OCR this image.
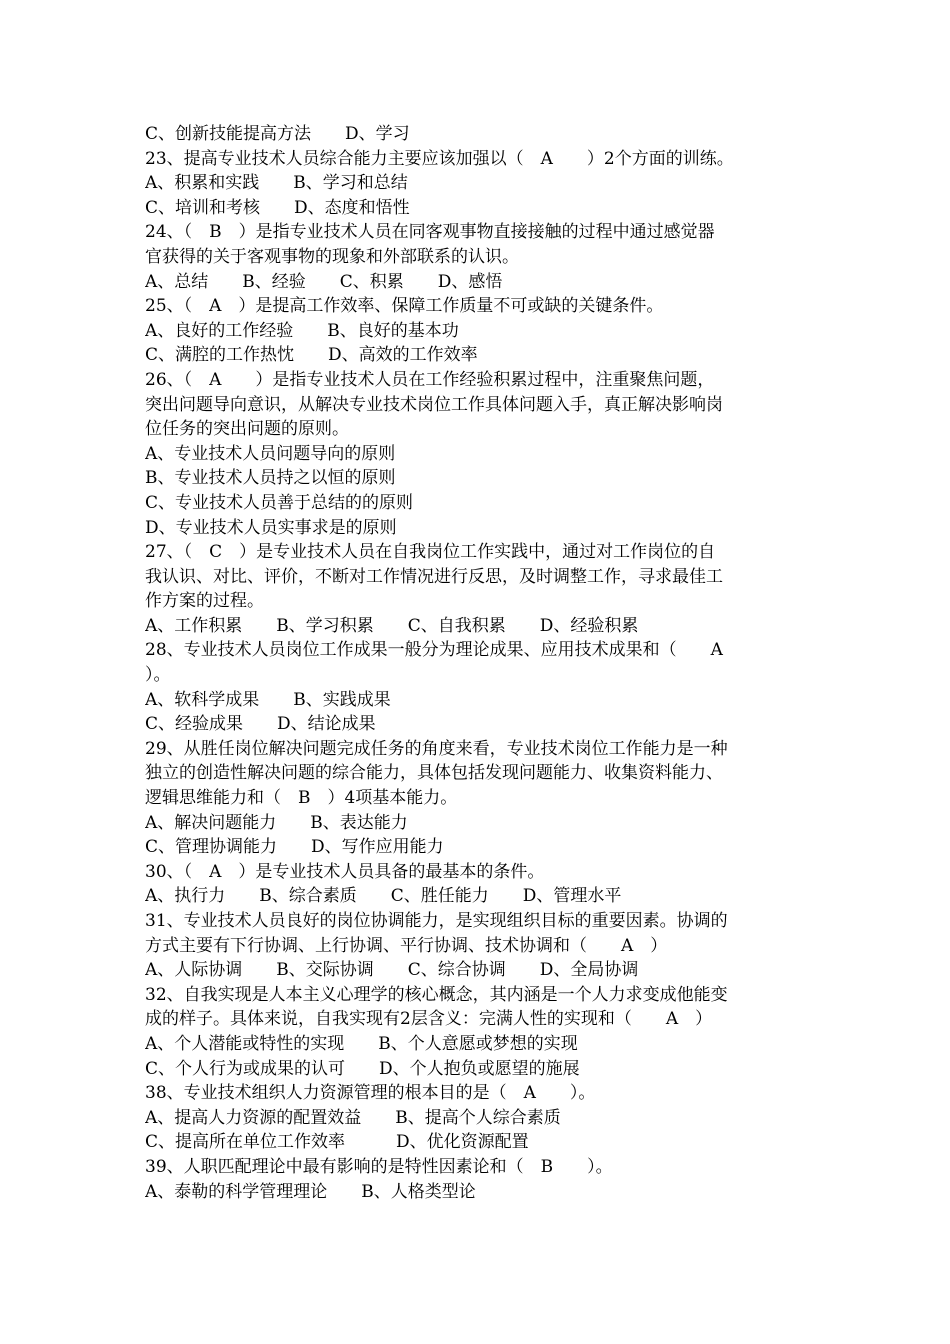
C、创新技能提高方法　　D、学习
23、提高专业技术人员综合能力主要应该加强以（　A　　）2个方面的训练。
A、积累和实践　　B、学习和总结
C、培训和考核　　D、态度和悟性
24、（　B　）是指专业技术人员在同客观事物直接接触的过程中通过感觉器
官获得的关于客观事物的现象和外部联系的认识。
A、总结　　B、经验　　C、积累　　D、感悟
25、（　A　）是提高工作效率、保障工作质量不可或缺的关键条件。
A、良好的工作经验　　B、良好的基本功
C、满腔的工作热忱　　D、高效的工作效率
26、（　A　　）是指专业技术人员在工作经验积累过程中，注重聚焦问题，
突出问题导向意识，从解决专业技术岗位工作具体问题入手，真正解决影响岗
位任务的突出问题的原则。
A、专业技术人员问题导向的原则
B、专业技术人员持之以恒的原则
C、专业技术人员善于总结的的原则
D、专业技术人员实事求是的原则
27、（　C　）是专业技术人员在自我岗位工作实践中，通过对工作岗位的自
我认识、对比、评价，不断对工作情况进行反思，及时调整工作，寻求最佳工
作方案的过程。
A、工作积累　　B、学习积累　　C、自我积累　　D、经验积累
28、专业技术人员岗位工作成果一般分为理论成果、应用技术成果和（　　A
）。
A、软科学成果　　B、实践成果
C、经验成果　　D、结论成果
29、从胜任岗位解决问题完成任务的角度来看，专业技术岗位工作能力是一种
独立的创造性解决问题的综合能力，具体包括发现问题能力、收集资料能力、
逻辑思维能力和（　B　）4项基本能力。
A、解决问题能力　　B、表达能力
C、管理协调能力　　D、写作应用能力
30、（　A　）是专业技术人员具备的最基本的条件。
A、执行力　　B、综合素质　　C、胜任能力　　D、管理水平
31、专业技术人员良好的岗位协调能力，是实现组织目标的重要因素。协调的
方式主要有下行协调、上行协调、平行协调、技术协调和（　　A　）
A、人际协调　　B、交际协调　　C、综合协调　　D、全局协调
32、自我实现是人本主义心理学的核心概念，其内涵是一个人力求变成他能变
成的样子。具体来说，自我实现有2层含义：完满人性的实现和（　　A　）
A、个人潜能或特性的实现　　B、个人意愿或梦想的实现
C、个人行为或成果的认可　　D、个人抱负或愿望的施展
38、专业技术组织人力资源管理的根本目的是（　A　　）。
A、提高人力资源的配置效益　　B、提高个人综合素质
C、提高所在单位工作效率　　　D、优化资源配置
39、人职匹配理论中最有影响的是特性因素论和（　B　　）。
A、泰勒的科学管理理论　　B、人格类型论
